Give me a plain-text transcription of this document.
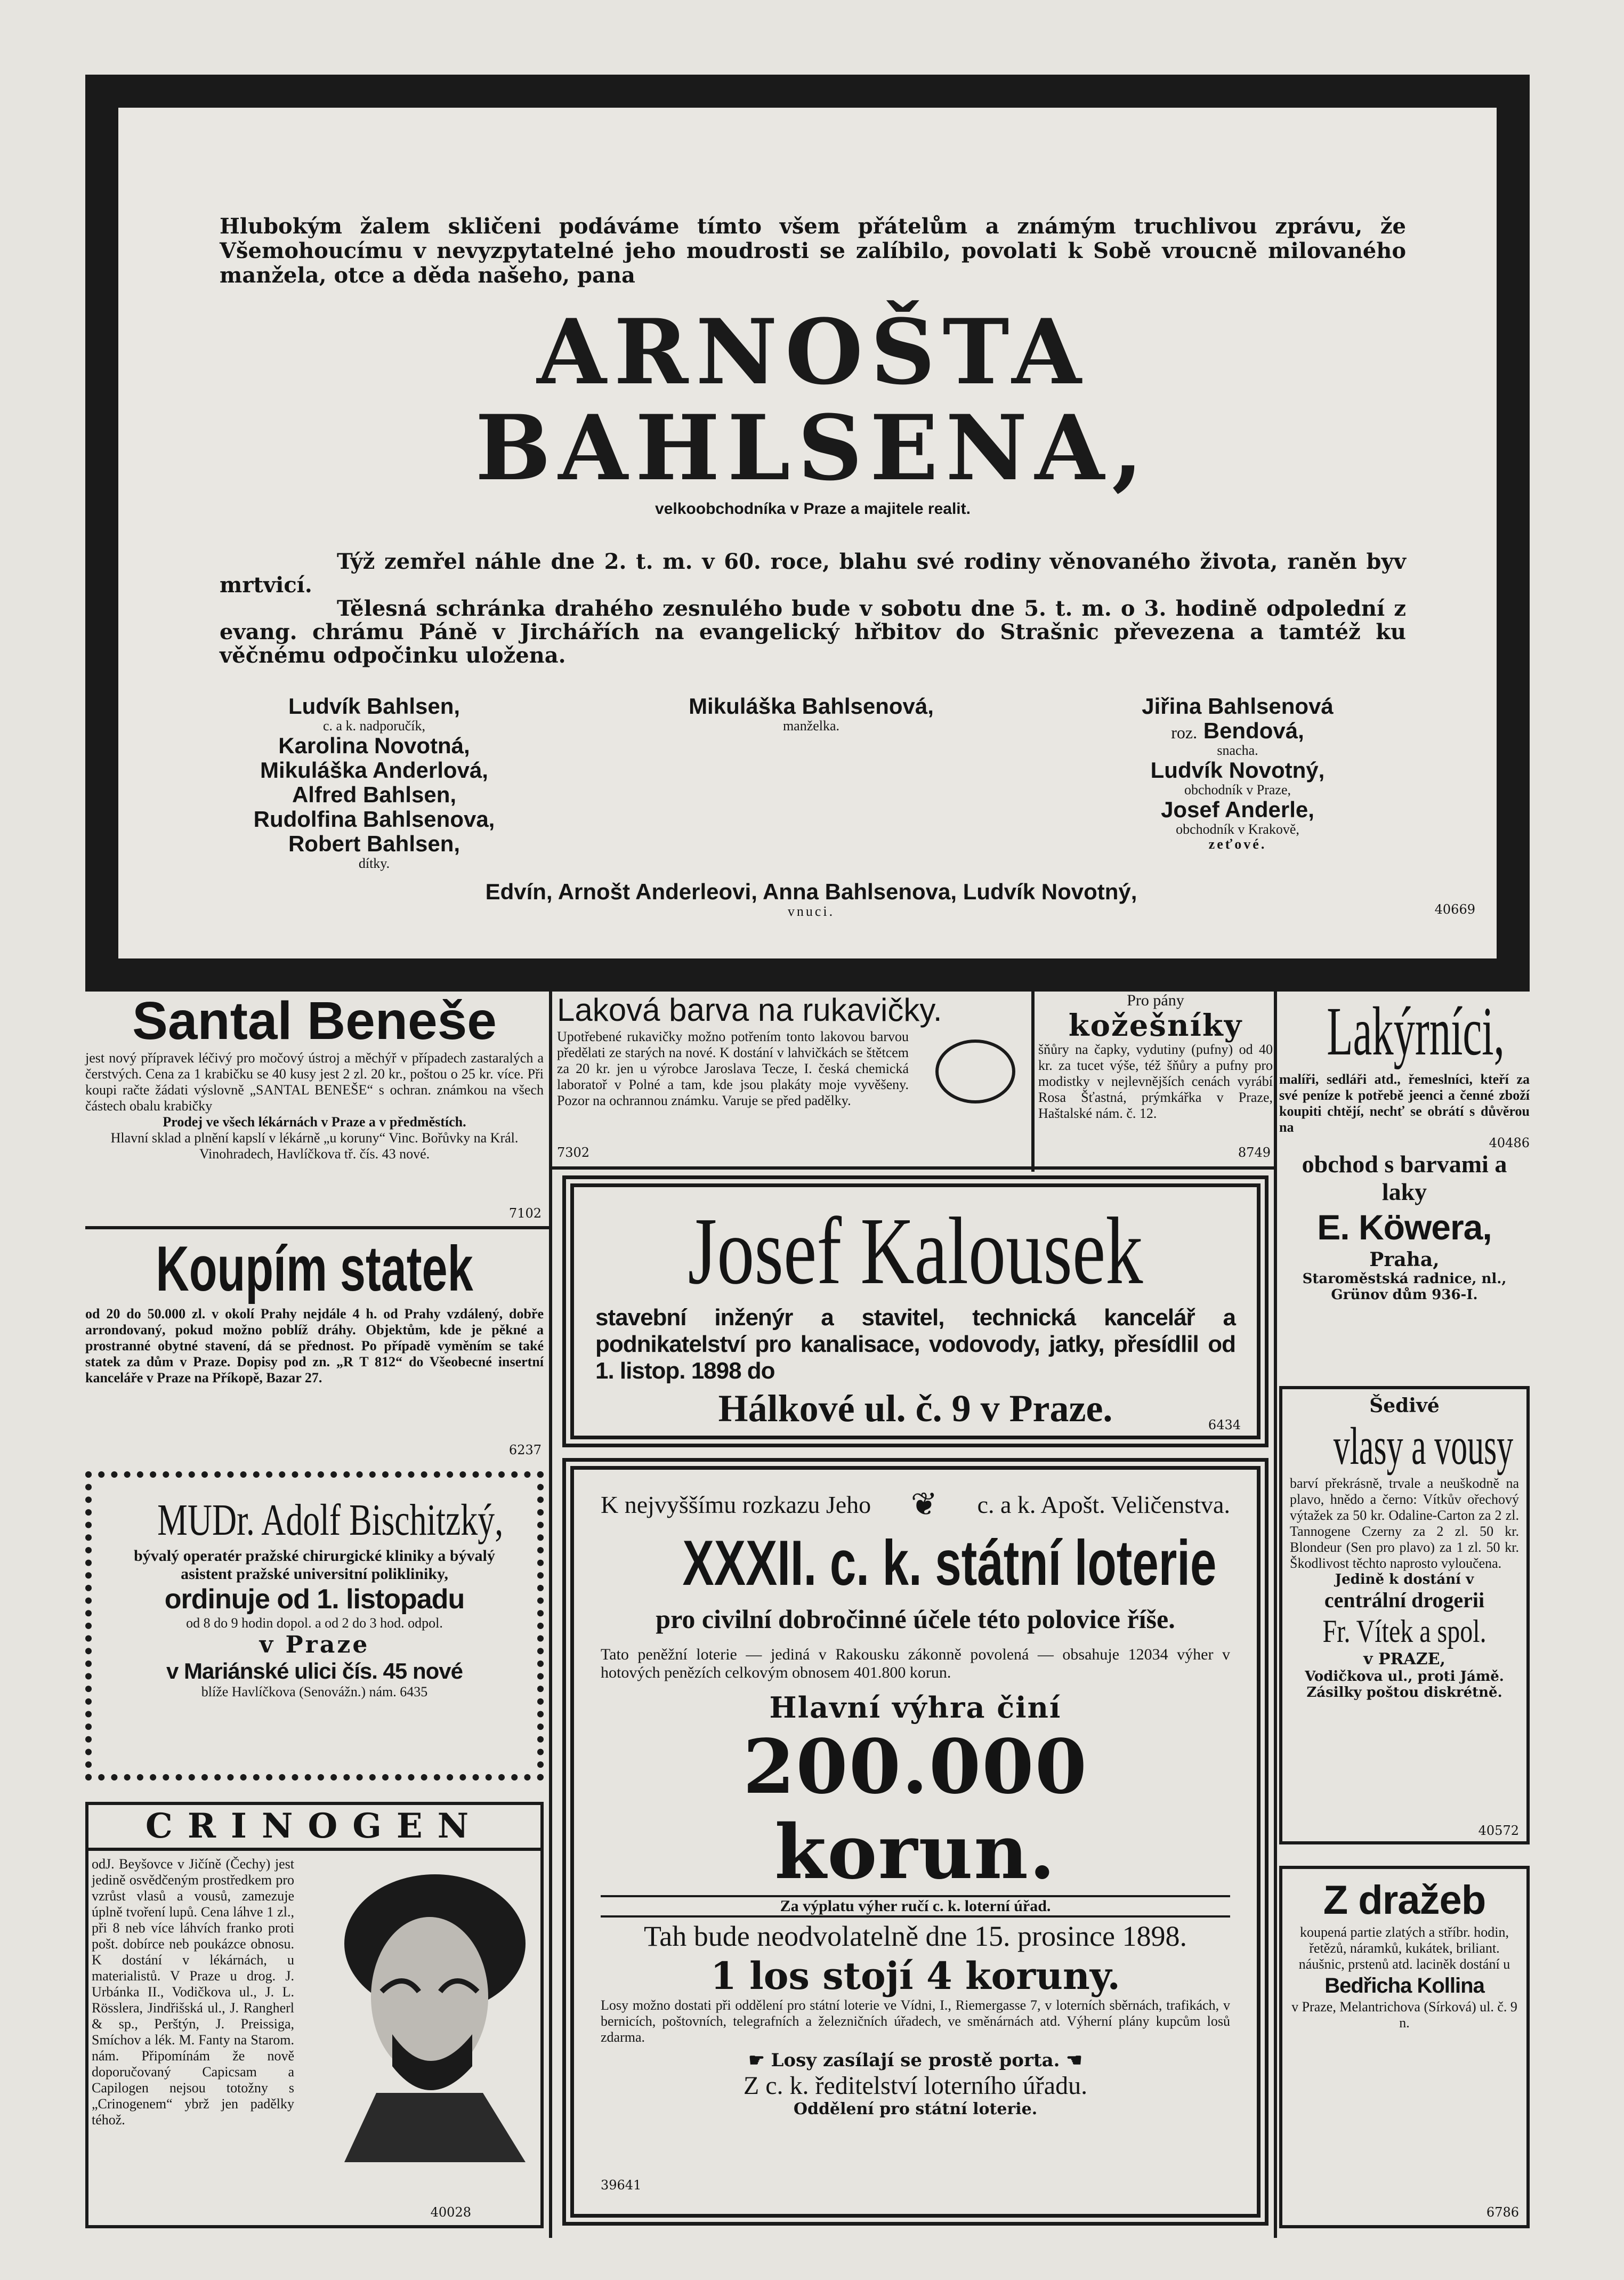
Hlubokým žalem skličeni podáváme tímto všem přátelům a známým truchlivou zprávu, že Všemohoucímu v nevyzpytatelné jeho moudrosti se zalíbilo, povolati k Sobě vroucně milovaného manžela, otce a děda našeho, pana

ARNOŠTA BAHLSENA,
velkoobchodníka v Praze a majitele realit.

Týž zemřel náhle dne 2. t. m. v 60. roce, blahu své rodiny věnovaného života, raněn byv mrtvicí.

Tělesná schránka drahého zesnulého bude v sobotu dne 5. t. m. o 3. hodině odpolední z evang. chrámu Páně v Jirchářích na evangelický hřbitov do Strašnic převezena a tamtéž ku věčnému odpočinku uložena.

Ludvík Bahlsen,
c. a k. nadporučík,
Karolina Novotná,
Mikuláška Anderlová,
Alfred Bahlsen,
Rudolfina Bahlsenova,
Robert Bahlsen,
dítky.
Mikuláška Bahlsenová,
manželka.
Jiřina Bahlsenová
roz. Bendová,
snacha.
Ludvík Novotný,
obchodník v Praze,
Josef Anderle,
obchodník v Krakově,
zeťové.
Edvín, Arnošt Anderleovi, Anna Bahlsenova, Ludvík Novotný,
vnuci.	40669
Santal Beneše

jest nový přípravek léčivý pro močový ústroj a měchýř v případech zastaralých a čerstvých. Cena za 1 krabičku se 40 kusy jest 2 zl. 20 kr., poštou o 25 kr. více. Při koupi račte žádati výslovně „SANTAL BENEŠE“ s ochran. známkou na všech částech obalu krabičky

Prodej ve všech lékárnách v Praze a v předměstích.

Hlavní sklad a plnění kapslí v lékárně „u koruny“ Vinc. Bořůvky na Král. Vinohradech, Havlíčkova tř. čís. 43 nové.

7102
Koupím statek

od 20 do 50.000 zl. v okolí Prahy nejdále 4 h. od Prahy vzdálený, dobře arrondovaný, pokud možno poblíž dráhy. Objektům, kde je pěkné a prostranné obytné stavení, dá se přednost. Po případě vyměním se také statek za dům v Praze. Dopisy pod zn. „R T 812“ do Všeobecné insertní kanceláře v Praze na Příkopě, Bazar 27.

6237
MUDr. Adolf Bischitzký,

bývalý operatér pražské chirurgické kliniky a bývalý asistent pražské universitní polikliniky,

ordinuje od 1. listopadu

od 8 do 9 hodin dopol. a od 2 do 3 hod. odpol.

v Praze
v Mariánské ulici čís. 45 nové
blíže Havlíčkova (Senovážn.) nám. 6435
CRINOGEN

odJ. Beyšovce v Jičíně (Čechy) jest jedině osvědčeným prostředkem pro vzrůst vlasů a vousů, zamezuje úplně tvoření lupů. Cena láhve 1 zl., při 8 neb více láhvích franko proti pošt. dobírce neb poukázce obnosu. K dostání v lékárnách, u materialistů. V Praze u drog. J. Urbánka II., Vodičkova ul., J. L. Rösslera, Jindřišská ul., J. Rangherl & sp., Perštýn, J. Preissiga, Smíchov a lék. M. Fanty na Starom. nám. Připomínám že nově doporučovaný Capicsam a Capilogen nejsou totožny s „Crinogenem“ ybrž jen padělky téhož.

40028
Laková barva na rukavičky.

Upotřebené rukavičky možno potřením tonto lakovou barvou předělati ze starých na nové. K dostání v lahvičkách se štětcem za 20 kr. jen u výrobce Jaroslava Tecze, I. česká chemická laboratoř v Polné a tam, kde jsou plakáty moje vyvěšeny. Pozor na ochrannou známku. Varuje se před padělky.

7302
Pro pány
kožešníky

šňůry na čapky, vydutiny (pufny) od 40 kr. za tucet výše, též šňůry a pufny pro modistky v nejlevnějších cenách vyrábí Rosa Šťastná, prýmkářka v Praze, Haštalské nám. č. 12.

8749
Josef Kalousek

stavební inženýr a stavitel, technická kancelář a podnikatelství pro kanalisace, vodovody, jatky, přesídlil od 1. listop. 1898 do

Hálkové ul. č. 9 v Praze.	6434
K nejvyššímu rozkazu Jeho ❦ c. a k. Apošt. Veličenstva.
XXXII. c. k. státní loterie
pro civilní dobročinné účele této polovice říše.

Tato peněžní loterie — jediná v Rakousku zákonně povolená — obsahuje 12034 výher v hotových penězích celkovým obnosem 401.800 korun.

Hlavní výhra činí
200.000 korun.
Za výplatu výher ručí c. k. loterní úřad.
Tah bude neodvolatelně dne 15. prosince 1898.
1 los stojí 4 koruny.

Losy možno dostati při oddělení pro státní loterie ve Vídni, I., Riemergasse 7, v loterních sběrnách, trafikách, v bernicích, poštovních, telegrafních a železničních úřadech, ve směnárnách atd. Výherní plány kupcům losů zdarma.

☛ Losy zasílají se prostě porta. ☚
Z c. k. ředitelství loterního úřadu.
Oddělení pro státní loterie.
39641
Lakýrníci,

malíři, sedláři atd., řemeslníci, kteří za své peníze k potřebě jeenci a čenné zboží koupiti chtějí, nechť se obrátí s důvěrou na

40486
obchod s barvami a laky
E. Köwera,
Praha,
Staroměstská radnice, nl., Grünov dům 936-I.
Šedivé
vlasy a vousy

barví překrásně, trvale a neuškodně na plavo, hnědo a černo: Vítkův ořechový výtažek za 50 kr. Odaline-Carton za 2 zl. Tannogene Czerny za 2 zl. 50 kr. Blondeur (Sen pro plavo) za 1 zl. 50 kr. Škodlivost těchto naprosto vyloučena.

Jedině k dostání v
centrální drogerii
Fr. Vítek a spol.
v PRAZE,
Vodičkova ul., proti Jámě. Zásilky poštou diskrétně.
40572
Z dražeb

koupená partie zlatých a stříbr. hodin, řetězů, náramků, kukátek, briliant. náušnic, prstenů atd. laciněk dostání u

Bedřicha Kollina

v Praze, Melantrichova (Sírková) ul. č. 9 n.

6786
